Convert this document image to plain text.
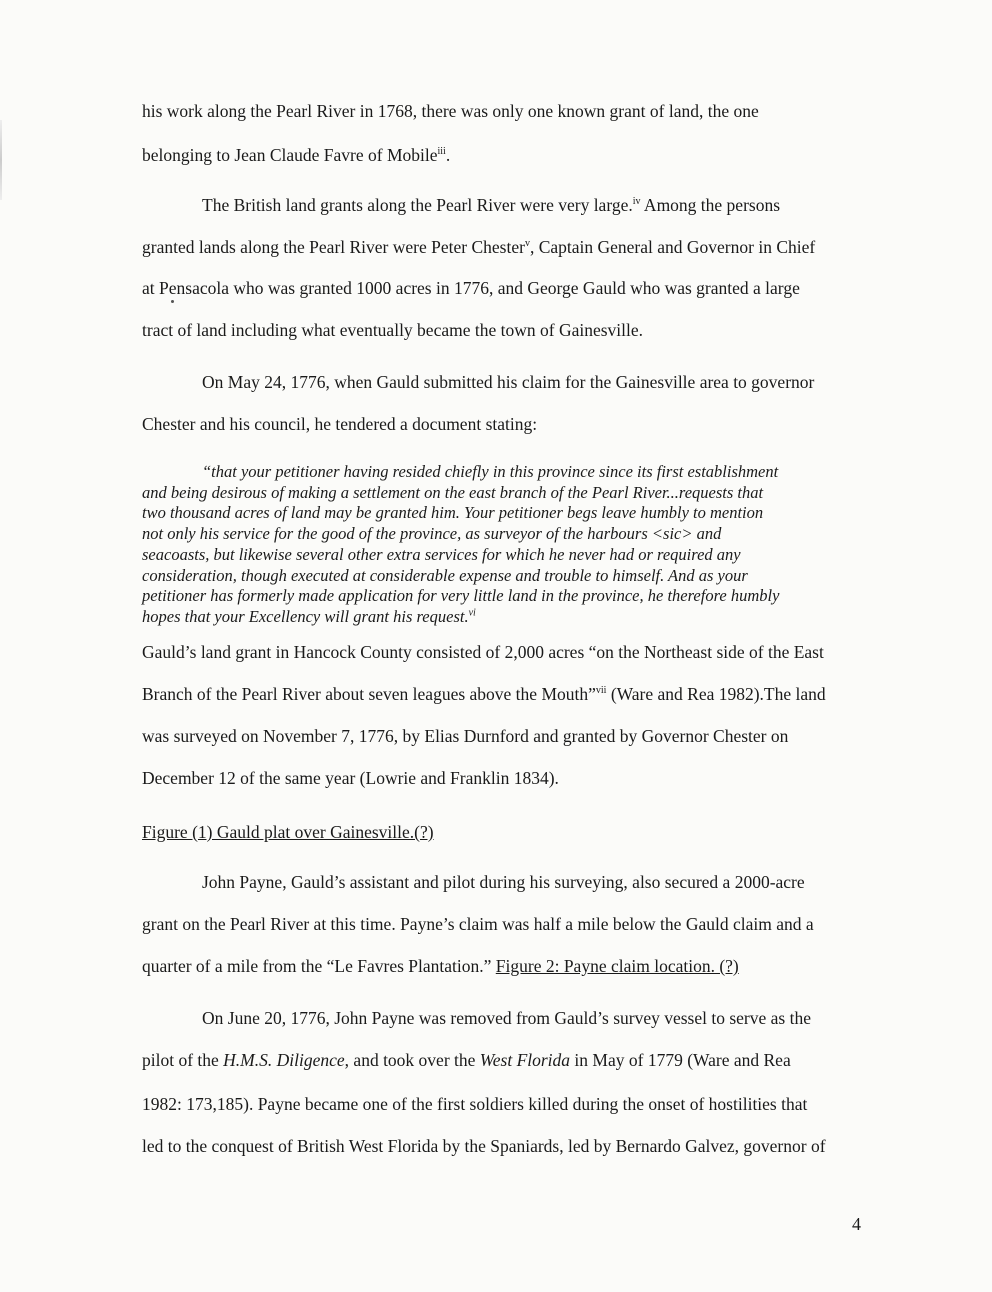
his work along the Pearl River in 1768, there was only one known grant of land, the one
belonging to Jean Claude Favre of Mobile$^{iii}$.
The British land grants along the Pearl River were very large.$^{iv}$ Among the persons
granted lands along the Pearl River were Peter Chester$^v$, Captain General and Governor in Chief
at Pensacola who was granted 1000 acres in 1776, and George Gauld who was granted a large
tract of land including what eventually became the town of Gainesville.
On May 24, 1776, when Gauld submitted his claim for the Gainesville area to governor
Chester and his council, he tendered a document stating:
“that your petitioner having resided chiefly in this province since its first establishment
and being desirous of making a settlement on the east branch of the Pearl River...requests that
two thousand acres of land may be granted him. Your petitioner begs leave humbly to mention
not only his service for the good of the province, as surveyor of the harbours <sic> and
seacoasts, but likewise several other extra services for which he never had or required any
consideration, though executed at considerable expense and trouble to himself. And as your
petitioner has formerly made application for very little land in the province, he therefore humbly
hopes that your Excellency will grant his request.$^{vi}$
Gauld’s land grant in Hancock County consisted of 2,000 acres “on the Northeast side of the East
Branch of the Pearl River about seven leagues above the Mouth”$^{vii}$ (Ware and Rea 1982).The land
was surveyed on November 7, 1776, by Elias Durnford and granted by Governor Chester on
December 12 of the same year (Lowrie and Franklin 1834).
Figure (1) Gauld plat over Gainesville.(?)
John Payne, Gauld’s assistant and pilot during his surveying, also secured a 2000-acre
grant on the Pearl River at this time. Payne’s claim was half a mile below the Gauld claim and a
quarter of a mile from the “Le Favres Plantation.” Figure 2: Payne claim location. (?)
On June 20, 1776, John Payne was removed from Gauld’s survey vessel to serve as the
pilot of the H.M.S. Diligence, and took over the West Florida in May of 1779 (Ware and Rea
1982: 173,185). Payne became one of the first soldiers killed during the onset of hostilities that
led to the conquest of British West Florida by the Spaniards, led by Bernardo Galvez, governor of
4
